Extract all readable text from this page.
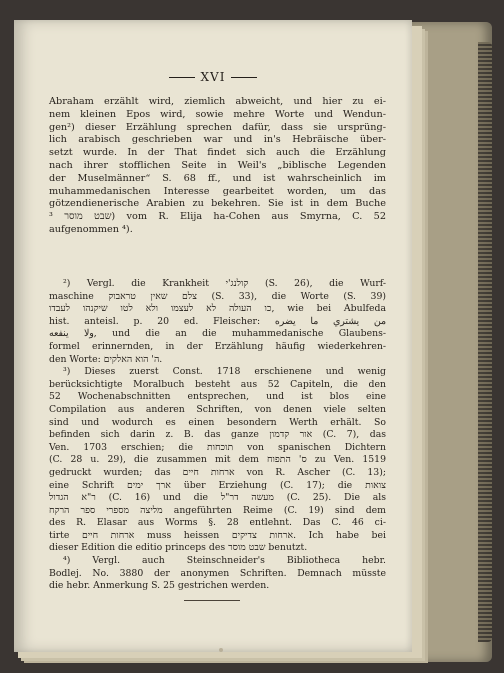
XVI
Abraham erzählt wird, ziemlich abweicht, und hier zu ei-
nem kleinen Epos wird, sowie mehre Worte und Wendun-
gen²) dieser Erzählung sprechen dafür, dass sie ursprüng-
lich arabisch geschrieben war und in's Hebräische über-
setzt wurde. In der That findet sich auch die Erzählung
nach ihrer stofflichen Seite in Weil's „biblische Legenden
der Muselmänner“ S. 68 ff., und ist wahrscheinlich im
muhammedanischen Interesse gearbeitet worden, um das
götzendienerische Arabien zu bekehren. Sie ist in dem Buche
שבט מוסר ³) vom R. Elija ha-Cohen aus Smyrna, C. 52
aufgenommen ⁴).
²) Vergl. die Krankheit קולנג'י (S. 26), die Wurf-
maschine צלם שאין טראבוק (S. 33), die Worte (S. 39)
כו העולה לא לעצמו ולא לטו שיקנהו לעבדו, wie bei Abulfeda
hist. anteisl. p. 20 ed. Fleischer: من يشتري ما يضره
ولا ينفعه, und die an die muhammedanische Glaubens-
formel erinnernden, in der Erzählung häufig wiederkehren-
den Worte: ה' הוא האלקים.
³) Dieses zuerst Const. 1718 erschienene und wenig
berücksichtigte Moralbuch besteht aus 52 Capiteln, die den
52 Wochenabschnitten entsprechen, und ist blos eine
Compilation aus anderen Schriften, von denen viele selten
sind und wodurch es einen besondern Werth erhält. So
befinden sich darin z. B. das ganze אור קדמון (C. 7), das
Ven. 1703 erschien; die תוכחות von spanischen Dichtern
(C. 28 u. 29), die zusammen mit dem ס' התפוח zu Ven. 1519
gedruckt wurden; das ארחות חיים von R. Ascher (C. 13);
eine Schrift ארך ימים über Erziehung (C. 17); die צואות
ר"א הגדול (C. 16) und die מעשה דר"ל (C. 25). Die als
מליצה מספרי ספר הרקח angeführten Reime (C. 19) sind dem
des R. Elasar aus Worms §. 28 entlehnt. Das C. 46 ci-
tirte ארחות חיים muss heissen ארחות צדיקים. Ich habe bei
dieser Edition die editio princeps des שבט מוסר benutzt.
⁴) Vergl. auch Steinschneider's Bibliotheca hebr.
Bodlej. No. 3880 der anonymen Schriften. Demnach müsste
die hebr. Anmerkung S. 25 gestrichen werden.
